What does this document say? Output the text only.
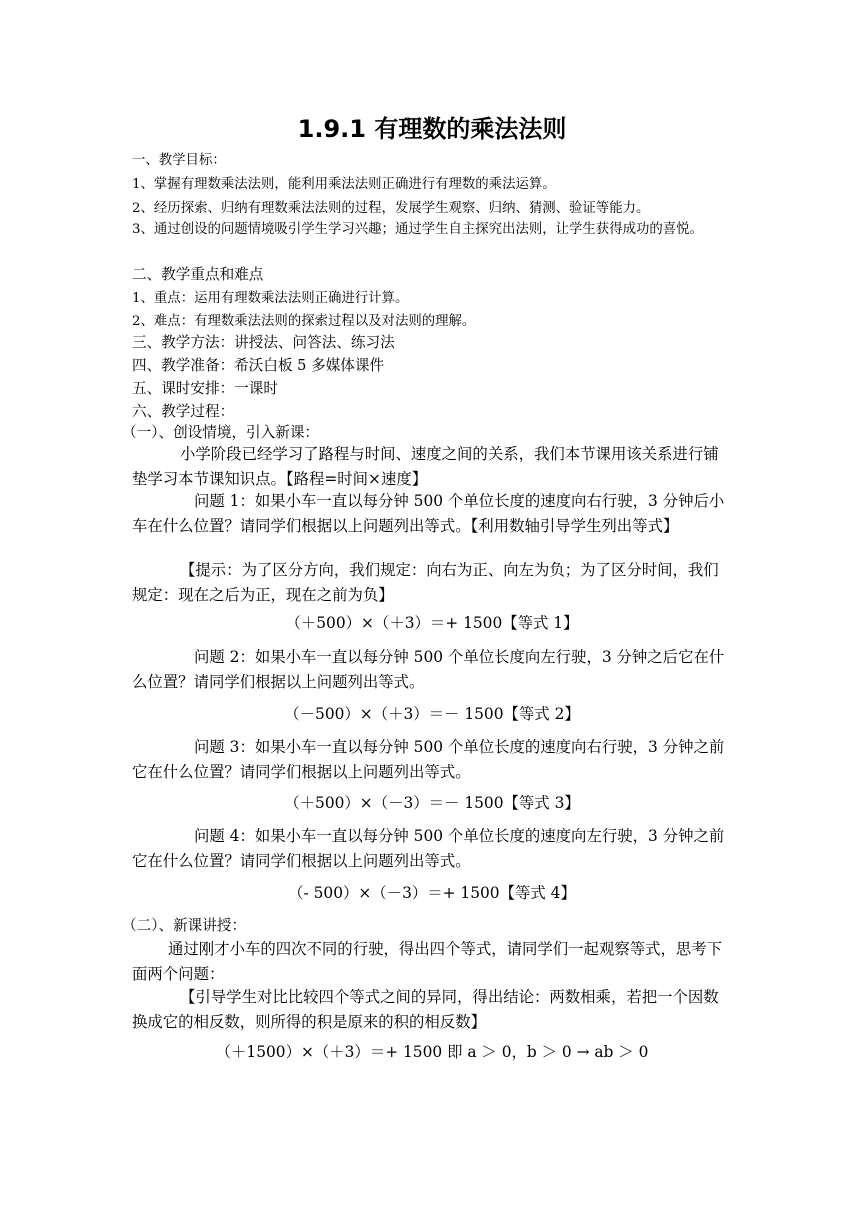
1.9.1 有理数的乘法法则
一、教学目标：
1、掌握有理数乘法法则，能利用乘法法则正确进行有理数的乘法运算。
2、经历探索、归纳有理数乘法法则的过程，发展学生观察、归纳、猜测、验证等能力。
3、通过创设的问题情境吸引学生学习兴趣；通过学生自主探究出法则，让学生获得成功的喜悦。
二、教学重点和难点
1、重点：运用有理数乘法法则正确进行计算。
2、难点：有理数乘法法则的探索过程以及对法则的理解。
三、教学方法：讲授法、问答法、练习法
四、教学准备：希沃白板 5 多媒体课件
五、课时安排：一课时
六、教学过程：
（一）、创设情境，引入新课：
小学阶段已经学习了路程与时间、速度之间的关系，我们本节课用该关系进行铺垫学习本节课知识点。【路程=时间×速度】
问题 1：如果小车一直以每分钟 500 个单位长度的速度向右行驶，3 分钟后小车在什么位置？请同学们根据以上问题列出等式。【利用数轴引导学生列出等式】
【提示：为了区分方向，我们规定：向右为正、向左为负；为了区分时间，我们规定：现在之后为正，现在之前为负】
（＋500）×（＋3）＝+ 1500【等式 1】
问题 2：如果小车一直以每分钟 500 个单位长度向左行驶，3 分钟之后它在什么位置？请同学们根据以上问题列出等式。
（－500）×（＋3）＝－ 1500【等式 2】
问题 3：如果小车一直以每分钟 500 个单位长度的速度向右行驶，3 分钟之前它在什么位置？请同学们根据以上问题列出等式。
（＋500）×（－3）＝－ 1500【等式 3】
问题 4：如果小车一直以每分钟 500 个单位长度的速度向左行驶，3 分钟之前它在什么位置？请同学们根据以上问题列出等式。
（- 500）×（－3）＝+ 1500【等式 4】
（二）、新课讲授：
通过刚才小车的四次不同的行驶，得出四个等式，请同学们一起观察等式，思考下面两个问题：
【引导学生对比比较四个等式之间的异同，得出结论：两数相乘，若把一个因数换成它的相反数，则所得的积是原来的积的相反数】
（＋1500）×（＋3）＝+ 1500 即 a ＞ 0，b ＞ 0 → ab ＞ 0
